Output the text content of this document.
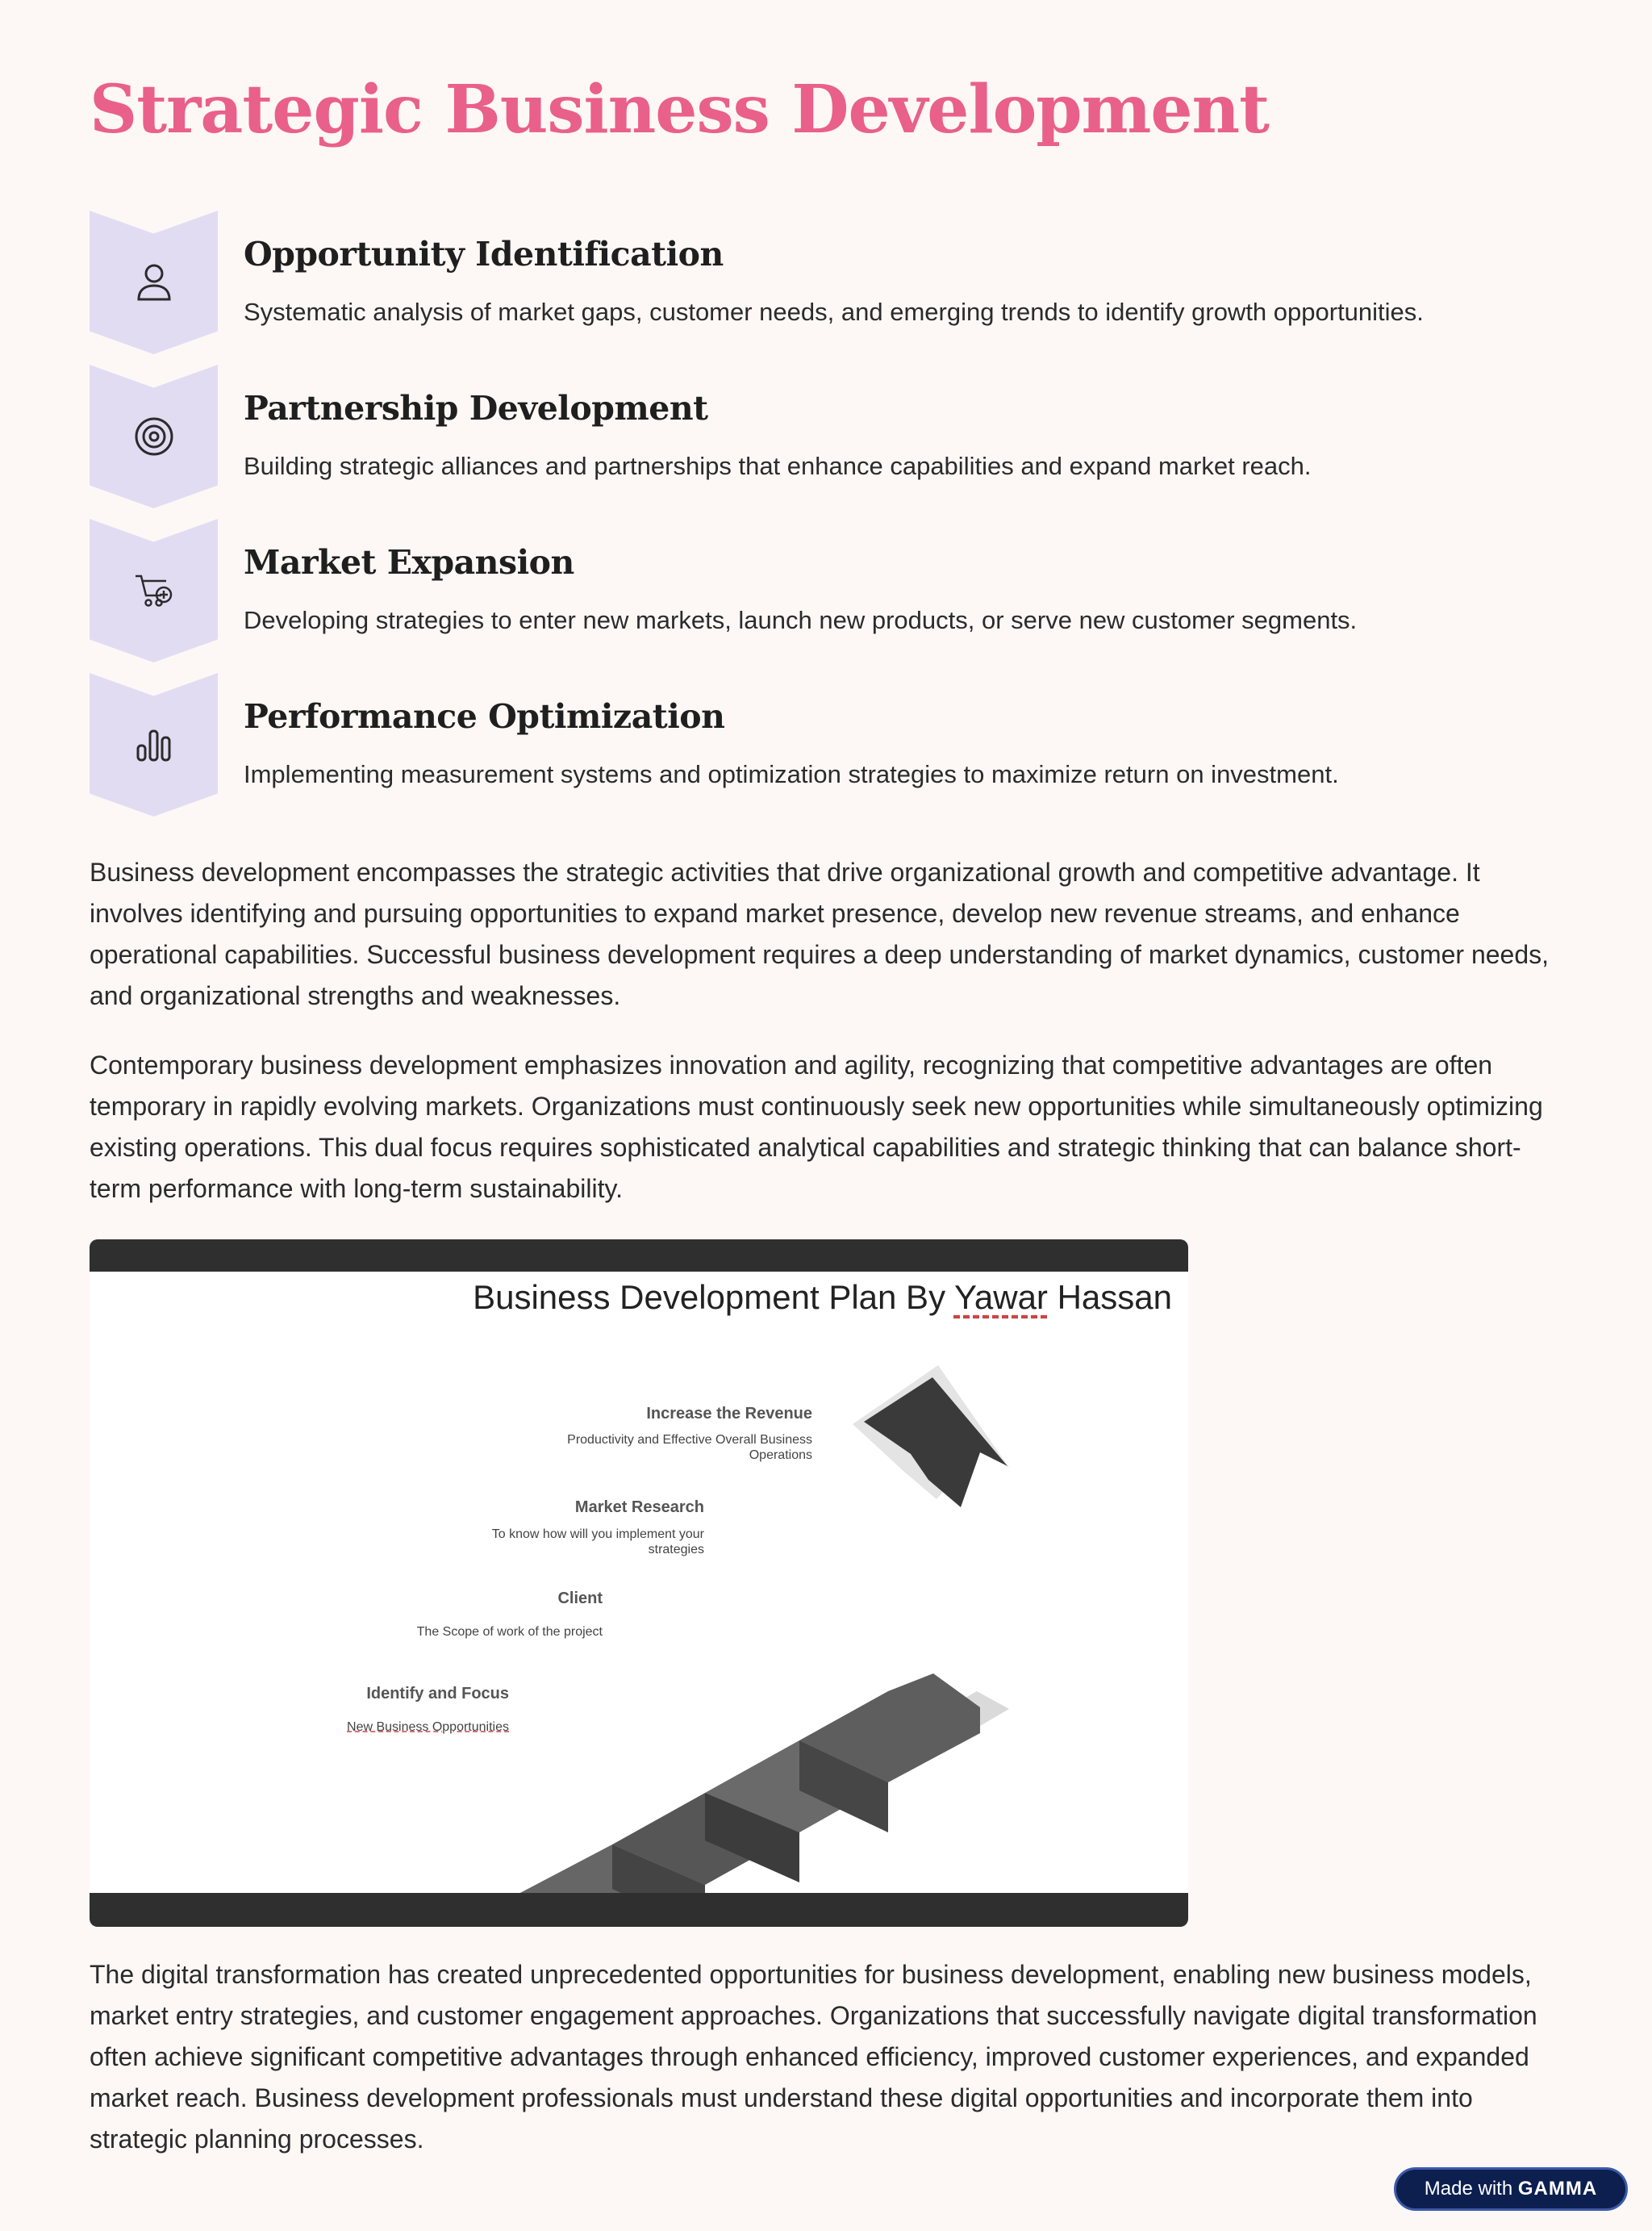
Strategic Business Development
Opportunity Identification
Systematic analysis of market gaps, customer needs, and emerging trends to identify growth opportunities.
Partnership Development
Building strategic alliances and partnerships that enhance capabilities and expand market reach.
Market Expansion
Developing strategies to enter new markets, launch new products, or serve new customer segments.
Performance Optimization
Implementing measurement systems and optimization strategies to maximize return on investment.

Business development encompasses the strategic activities that drive organizational growth and competitive advantage. It involves identifying and pursuing opportunities to expand market presence, develop new revenue streams, and enhance operational capabilities. Successful business development requires a deep understanding of market dynamics, customer needs, and organizational strengths and weaknesses.

Contemporary business development emphasizes innovation and agility, recognizing that competitive advantages are often temporary in rapidly evolving markets. Organizations must continuously seek new opportunities while simultaneously optimizing existing operations. This dual focus requires sophisticated analytical capabilities and strategic thinking that can balance short-term performance with long-term sustainability.

Business Development Plan By Yawar Hassan
Increase the Revenue
Productivity and Effective Overall Business Operations
Market Research
To know how will you implement your strategies
Client
The Scope of work of the project
Identify and Focus
New Business Opportunities
01
02
03
04

The digital transformation has created unprecedented opportunities for business development, enabling new business models, market entry strategies, and customer engagement approaches. Organizations that successfully navigate digital transformation often achieve significant competitive advantages through enhanced efficiency, improved customer experiences, and expanded market reach. Business development professionals must understand these digital opportunities and incorporate them into strategic planning processes.

Made with GAMMA
